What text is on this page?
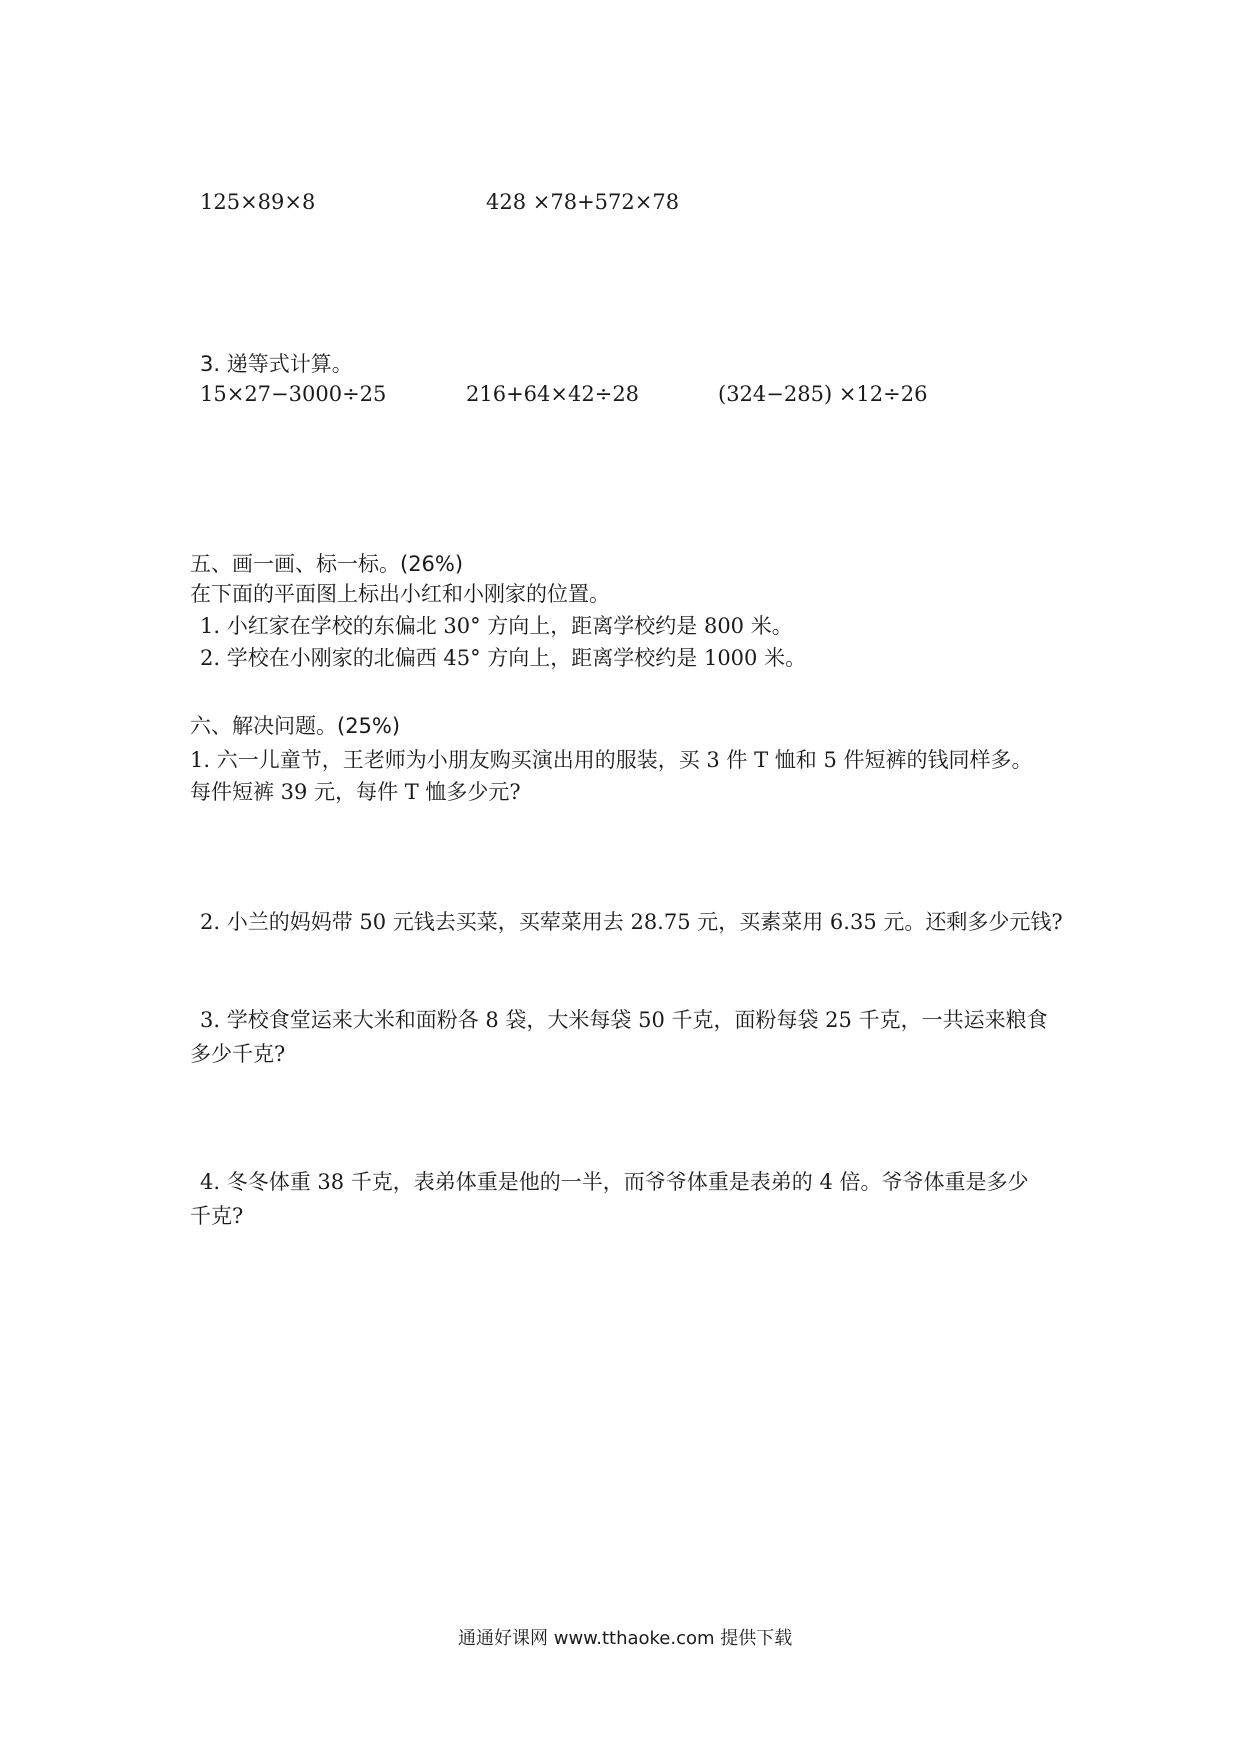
125×89×8	428 ×78+572×78
3. 递等式计算。
15×27−3000÷25	216+64×42÷28	(324−285) ×12÷26
五、画一画、标一标。(26%)
在下面的平面图上标出小红和小刚家的位置。
1. 小红家在学校的东偏北 30° 方向上，距离学校约是 800 米。
2. 学校在小刚家的北偏西 45° 方向上，距离学校约是 1000 米。
六、解决问题。(25%)
1. 六一儿童节，王老师为小朋友购买演出用的服装，买 3 件 T 恤和 5 件短裤的钱同样多。
每件短裤 39 元，每件 T 恤多少元?
2. 小兰的妈妈带 50 元钱去买菜，买荤菜用去 28.75 元，买素菜用 6.35 元。还剩多少元钱?
3. 学校食堂运来大米和面粉各 8 袋，大米每袋 50 千克，面粉每袋 25 千克，一共运来粮食
多少千克?
4. 冬冬体重 38 千克，表弟体重是他的一半，而爷爷体重是表弟的 4 倍。爷爷体重是多少
千克?
通通好课网 www.tthaoke.com 提供下载
